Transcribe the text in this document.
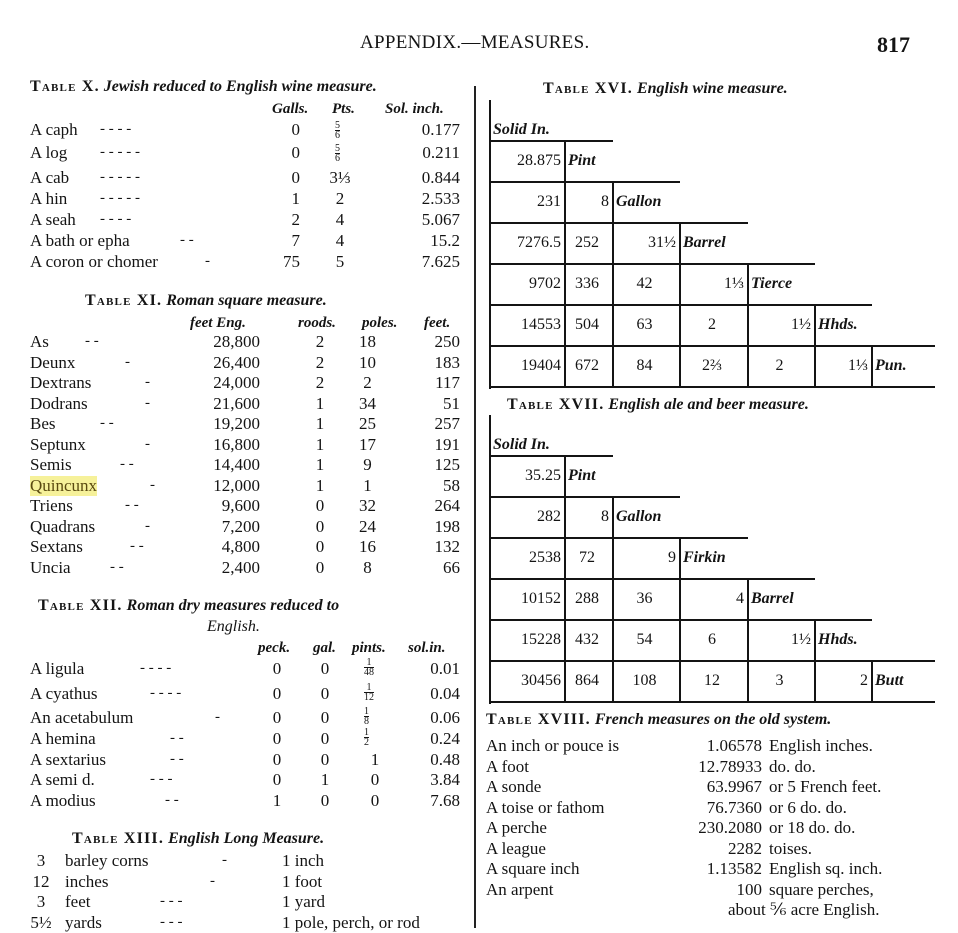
APPENDIX.—MEASURES.	817
Table X. Jewish reduced to English wine measure.
Galls. Pts. Sol. inch.
A caph - - - -	0	$\frac{5}{6}$	0.177
A log - - - - -	0	$\frac{5}{6}$	0.211
A cab - - - - -	0 3⅓	0.844
A hin - - - - -	1	2	2.533
A seah - - - -	2	4	5.067
A bath or epha	- -	7	4	15.2
A coron or chomer	-	75	5	7.625
Table XI. Roman square measure.
feet Eng.	roods. poles. feet.
As - -	28,800	2	18	250
Deunx	-	26,400	2	10	183
Dextrans	-	24,000	2	2	117
Dodrans	-	21,600	1	34	51
Bes	- -	19,200	1	25	257
Septunx	-	16,800	1	17	191
Semis	- -	14,400	1	9	125
Quincunx	-	12,000	1	1	58
Triens	- -	9,600	0	32	264
Quadrans	-	7,200	0	24	198
Sextans	- -	4,800	0	16	132
Uncia	- -	2,400	0	8	66
Table XII. Roman dry measures reduced to
English.
peck. gal. pints. sol.in.
A ligula	- - - -	0	0	$\frac{1}{48}$	0.01
A cyathus	- - - -	0	0	$\frac{1}{12}$	0.04
An acetabulum	-	0	0	$\frac{1}{8}$	0.06
A hemina	- -	0	0	$\frac{1}{2}$	0.24
A sextarius	- -	0	0	1	0.48
A semi d.	- - -	0	1	0	3.84
A modius	- -	1	0	0	7.68
Table XIII. English Long Measure.
3	barley corns	-	1 inch
12 inches	-	1 foot
3	feet	- - -	1 yard
5½ yards	- - -	1 pole, perch, or rod
Table XVI. English wine measure.
Solid In.
28.875 Pint
231	8 Gallon
7276.5 252	31½ Barrel
9702 336	42	1⅓ Tierce
14553 504	63	2	1½ Hhds.
19404 672	84	2⅔	2	1⅓ Pun.
Table XVII. English ale and beer measure.
Solid In.
35.25 Pint
282	8 Gallon
2538	72	9 Firkin
10152 288	36	4 Barrel
15228 432	54	6	1½ Hhds.
30456 864	108	12	3	2 Butt
Table XVIII. French measures on the old system.
An inch or pouce is	1.06578 English inches.
A foot	12.78933 do. do.
A sonde	63.9967 or 5 French feet.
A toise or fathom	76.7360 or 6 do. do.
A perche	230.2080 or 18 do. do.
A league	2282 toises.
A square inch	1.13582 English sq. inch.
An arpent	100 square perches,
about ⅚ acre English.
